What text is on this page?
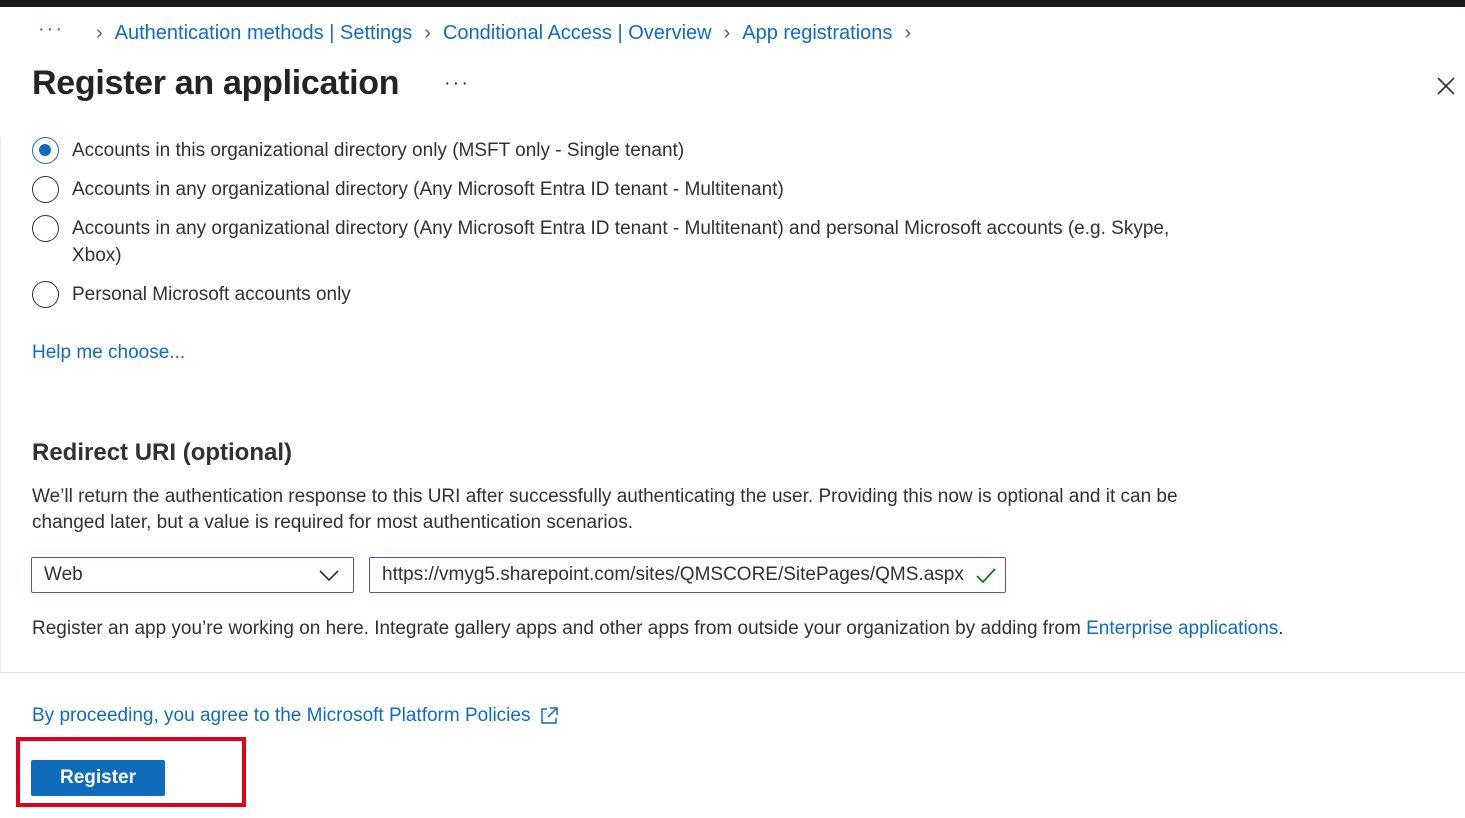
··· › Authentication methods | Settings › Conditional Access | Overview › App registrations ›
Register an application ···
Accounts in this organizational directory only (MSFT only - Single tenant)
Accounts in any organizational directory (Any Microsoft Entra ID tenant - Multitenant)
Accounts in any organizational directory (Any Microsoft Entra ID tenant - Multitenant) and personal Microsoft accounts (e.g. Skype, Xbox)
Personal Microsoft accounts only
Help me choose...
Redirect URI (optional)

We’ll return the authentication response to this URI after successfully authenticating the user. Providing this now is optional and it can be changed later, but a value is required for most authentication scenarios.

Web	https://vmyg5.sharepoint.com/sites/QMSCORE/SitePages/QMS.aspx

Register an app you’re working on here. Integrate gallery apps and other apps from outside your organization by adding from Enterprise applications.

By proceeding, you agree to the Microsoft Platform Policies
Register
